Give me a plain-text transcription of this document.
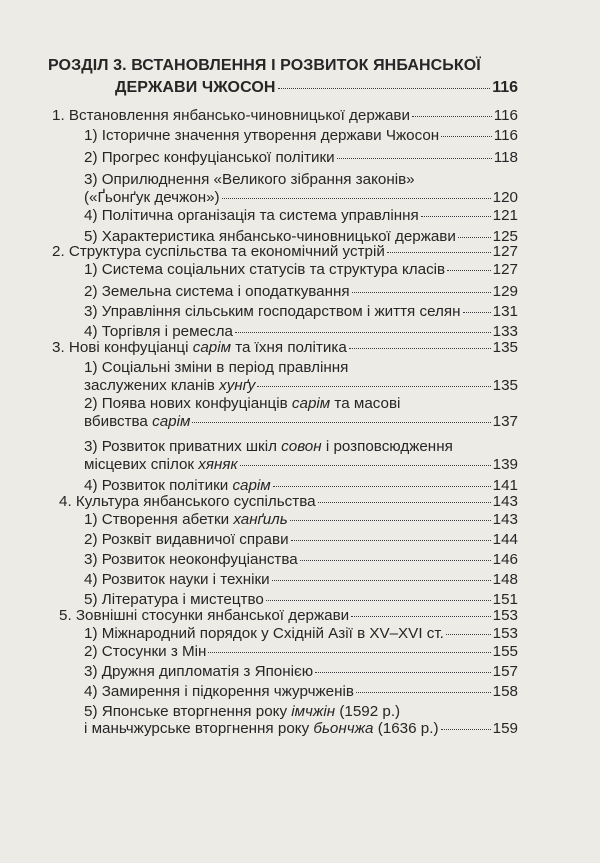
РОЗДІЛ 3. ВСТАНОВЛЕННЯ І РОЗВИТОК ЯНБАНСЬКОЇ
ДЕРЖАВИ ЧЖОСОН	116
1. Встановлення янбансько-чиновницької держави	116
1) Історичне значення утворення держави Чжосон	116
2) Прогрес конфуціанської політики	118
3) Оприлюднення «Великого зібрання законів»
(«Ґьонґук дечжон»)	120
4) Політична організація та система управління	121
5) Характеристика янбансько-чиновницької держави 125
2. Структура суспільства та економічний устрій	127
1) Система соціальних статусів та структура класів	127
2) Земельна система і оподаткування	129
3) Управління сільським господарством і життя селян 131
4) Торгівля і ремесла	133
3. Нові конфуціанці сарім та їхня політика	135
1) Соціальні зміни в період правління
заслужених кланів хунґу	135
2) Поява нових конфуціанців сарім та масові
вбивства сарім	137
3) Розвиток приватних шкіл совон і розповсюдження
місцевих спілок хяняк	139
4) Розвиток політики сарім	141
4. Культура янбанського суспільства	143
1) Створення абетки ханґиль	143
2) Розквіт видавничої справи	144
3) Розвиток неоконфуціанства	146
4) Розвиток науки і техніки	148
5) Література і мистецтво	151
5. Зовнішні стосунки янбанської держави	153
1) Міжнародний порядок у Східній Азії в XV–XVI ст.	153
2) Стосунки з Мін	155
3) Дружня дипломатія з Японією	157
4) Замирення і підкорення чжурчженів	158
5) Японське вторгнення року імчжін (1592 р.)
і маньчжурське вторгнення року бьончжа (1636 р.)	159
